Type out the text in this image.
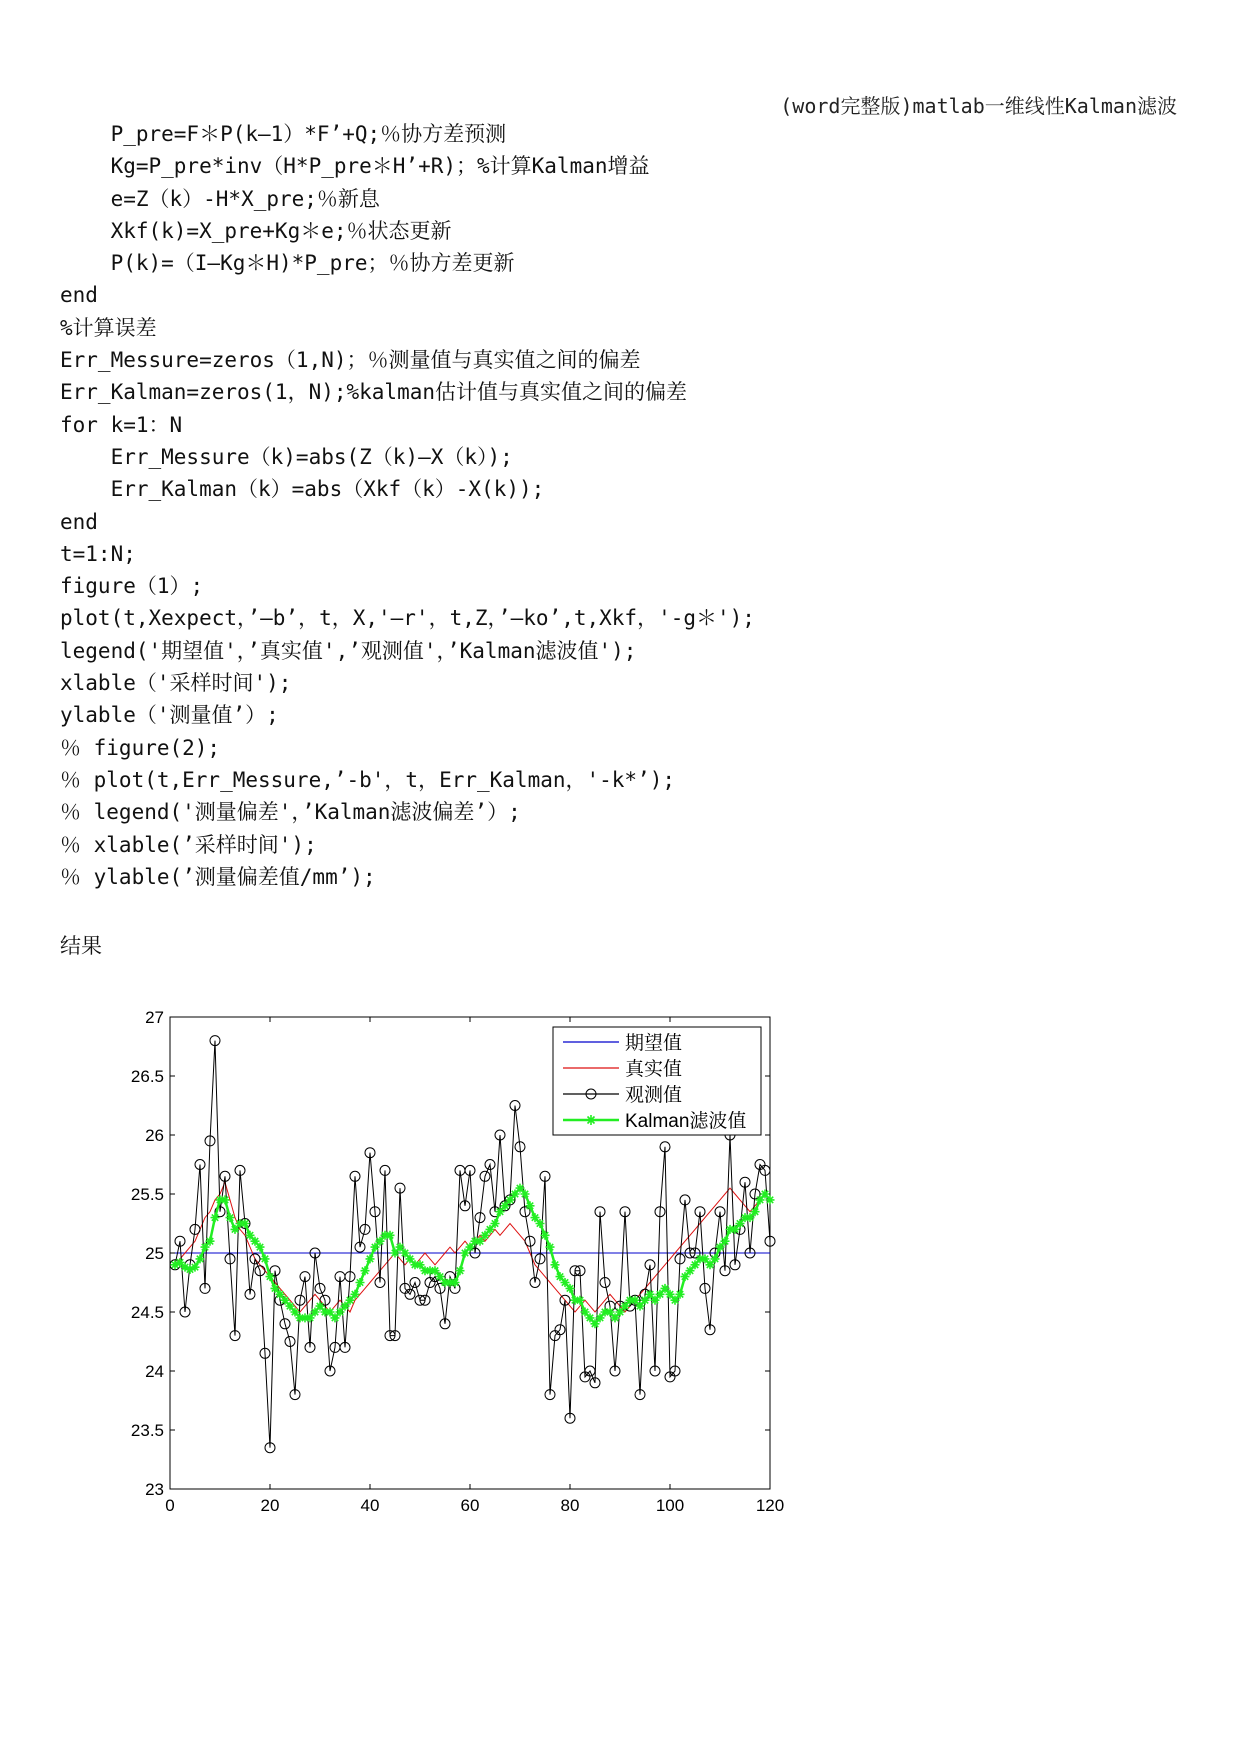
(word完整版)matlab一维线性Kalman滤波
P_pre=F＊P(k—1）*F’+Q;％协方差预测
Kg=P_pre*inv（H*P_pre＊H’+R)；%计算Kalman增益
e=Z（k）-H*X_pre;％新息
Xkf(k)=X_pre+Kg＊e;％状态更新
P(k)=（I—Kg＊H)*P_pre；％协方差更新
end
%计算误差
Err_Messure=zeros（1,N)；％测量值与真实值之间的偏差
Err_Kalman=zeros(1，N);%kalman估计值与真实值之间的偏差
for k=1：N
Err_Messure（k)=abs(Z（k)—X（k）);
Err_Kalman（k）=abs（Xkf（k）-X(k));
end
t=1:N;
figure（1）;
plot(t,Xexpect，’—b’，t，X,'—r'，t,Z，’—ko’,t,Xkf，'-g＊');
legend('期望值'，’真实值',’观测值'，’Kalman滤波值');
xlable（'采样时间');
ylable（'测量值’）;
％ figure(2);
％ plot(t,Err_Messure,’-b'，t，Err_Kalman，'-k*’);
％ legend('测量偏差'，’Kalman滤波偏差’）;
％ xlable(’采样时间');
％ ylable(’测量偏差值/mm’);
结果
0	20	40	60	80	100	120
23
23.5
24
24.5
25
25.5
26
26.5
27
期望值
真实值
观测值
Kalman滤波值
